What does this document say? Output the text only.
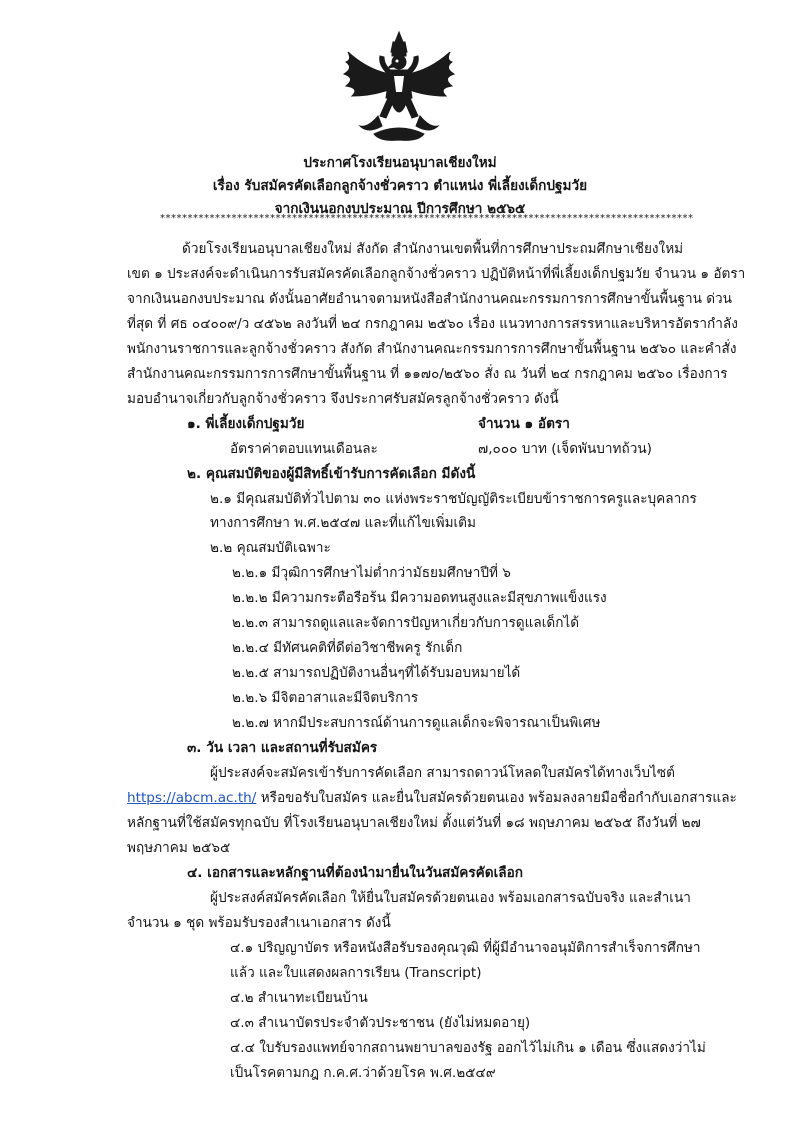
ประกาศโรงเรียนอนุบาลเชียงใหม่
เรื่อง รับสมัครคัดเลือกลูกจ้างชั่วคราว ตำแหน่ง พี่เลี้ยงเด็กปฐมวัย
จากเงินนอกงบประมาณ ปีการศึกษา ๒๕๖๕
*************************************************************************************************
ด้วยโรงเรียนอนุบาลเชียงใหม่ สังกัด สำนักงานเขตพื้นที่การศึกษาประถมศึกษาเชียงใหม่
เขต ๑ ประสงค์จะดำเนินการรับสมัครคัดเลือกลูกจ้างชั่วคราว ปฏิบัติหน้าที่พี่เลี้ยงเด็กปฐมวัย จำนวน ๑ อัตรา
จากเงินนอกงบประมาณ ดังนั้นอาศัยอำนาจตามหนังสือสำนักงานคณะกรรมการการศึกษาขั้นพื้นฐาน ด่วน
ที่สุด ที่ ศธ ๐๔๐๐๙/ว ๔๕๖๒ ลงวันที่ ๒๔ กรกฎาคม ๒๕๖๐ เรื่อง แนวทางการสรรหาและบริหารอัตรากำลัง
พนักงานราชการและลูกจ้างชั่วคราว สังกัด สำนักงานคณะกรรมการการศึกษาขั้นพื้นฐาน ๒๕๖๐ และคำสั่ง
สำนักงานคณะกรรมการการศึกษาขั้นพื้นฐาน ที่ ๑๑๗๐/๒๕๖๐ สั่ง ณ วันที่ ๒๔ กรกฎาคม ๒๕๖๐ เรื่องการ
มอบอำนาจเกี่ยวกับลูกจ้างชั่วคราว จึงประกาศรับสมัครลูกจ้างชั่วคราว ดังนี้
๑. พี่เลี้ยงเด็กปฐมวัย	จำนวน ๑ อัตรา
อัตราค่าตอบแทนเดือนละ	๗,๐๐๐ บาท (เจ็ดพันบาทถ้วน)
๒. คุณสมบัติของผู้มีสิทธิ์เข้ารับการคัดเลือก มีดังนี้
๒.๑ มีคุณสมบัติทั่วไปตาม ๓๐ แห่งพระราชบัญญัติระเบียบข้าราชการครูและบุคลากร
ทางการศึกษา พ.ศ.๒๕๔๗ และที่แก้ไขเพิ่มเติม
๒.๒ คุณสมบัติเฉพาะ
๒.๒.๑ มีวุฒิการศึกษาไม่ต่ำกว่ามัธยมศึกษาปีที่ ๖
๒.๒.๒ มีความกระตือรือร้น มีความอดทนสูงและมีสุขภาพแข็งแรง
๒.๒.๓ สามารถดูแลและจัดการปัญหาเกี่ยวกับการดูแลเด็กได้
๒.๒.๔ มีทัศนคติที่ดีต่อวิชาชีพครู รักเด็ก
๒.๒.๕ สามารถปฏิบัติงานอื่นๆที่ได้รับมอบหมายได้
๒.๒.๖ มีจิตอาสาและมีจิตบริการ
๒.๒.๗ หากมีประสบการณ์ด้านการดูแลเด็กจะพิจารณาเป็นพิเศษ
๓. วัน เวลา และสถานที่รับสมัคร
ผู้ประสงค์จะสมัครเข้ารับการคัดเลือก สามารถดาวน์โหลดใบสมัครได้ทางเว็บไซต์
https://abcm.ac.th/ หรือขอรับใบสมัคร และยื่นใบสมัครด้วยตนเอง พร้อมลงลายมือชื่อกำกับเอกสารและ
หลักฐานที่ใช้สมัครทุกฉบับ ที่โรงเรียนอนุบาลเชียงใหม่ ตั้งแต่วันที่ ๑๘ พฤษภาคม ๒๕๖๕ ถึงวันที่ ๒๗
พฤษภาคม ๒๕๖๕
๔. เอกสารและหลักฐานที่ต้องนำมายื่นในวันสมัครคัดเลือก
ผู้ประสงค์สมัครคัดเลือก ให้ยื่นใบสมัครด้วยตนเอง พร้อมเอกสารฉบับจริง และสำเนา
จำนวน ๑ ชุด พร้อมรับรองสำเนาเอกสาร ดังนี้
๔.๑ ปริญญาบัตร หรือหนังสือรับรองคุณวุฒิ ที่ผู้มีอำนาจอนุมัติการสำเร็จการศึกษา
แล้ว และใบแสดงผลการเรียน (Transcript)
๔.๒ สำเนาทะเบียนบ้าน
๔.๓ สำเนาบัตรประจำตัวประชาชน (ยังไม่หมดอายุ)
๔.๔ ใบรับรองแพทย์จากสถานพยาบาลของรัฐ ออกไว้ไม่เกิน ๑ เดือน ซึ่งแสดงว่าไม่
เป็นโรคตามกฎ ก.ค.ศ.ว่าด้วยโรค พ.ศ.๒๕๔๙
